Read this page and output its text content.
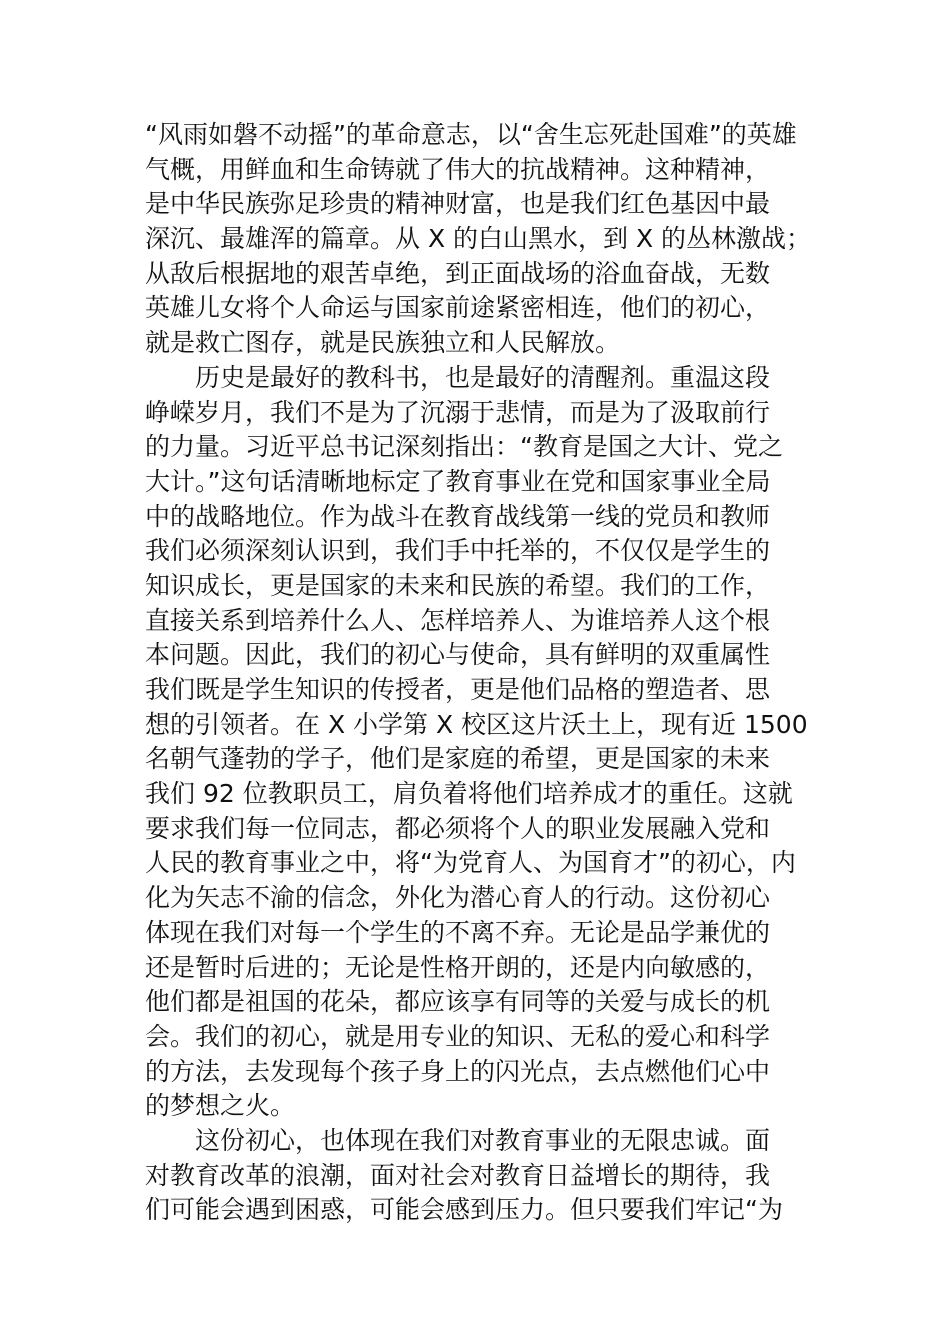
“风雨如磐不动摇”的革命意志，以“舍生忘死赴国难”的英雄
气概，用鲜血和生命铸就了伟大的抗战精神。这种精神，
是中华民族弥足珍贵的精神财富，也是我们红色基因中最
深沉、最雄浑的篇章。从 X 的白山黑水，到 X 的丛林激战；
从敌后根据地的艰苦卓绝，到正面战场的浴血奋战，无数
英雄儿女将个人命运与国家前途紧密相连，他们的初心，
就是救亡图存，就是民族独立和人民解放。
历史是最好的教科书，也是最好的清醒剂。重温这段
峥嵘岁月，我们不是为了沉溺于悲情，而是为了汲取前行
的力量。习近平总书记深刻指出：“教育是国之大计、党之
大计。”这句话清晰地标定了教育事业在党和国家事业全局
中的战略地位。作为战斗在教育战线第一线的党员和教师
我们必须深刻认识到，我们手中托举的，不仅仅是学生的
知识成长，更是国家的未来和民族的希望。我们的工作，
直接关系到培养什么人、怎样培养人、为谁培养人这个根
本问题。因此，我们的初心与使命，具有鲜明的双重属性
我们既是学生知识的传授者，更是他们品格的塑造者、思
想的引领者。在 X 小学第 X 校区这片沃土上，现有近 1500
名朝气蓬勃的学子，他们是家庭的希望，更是国家的未来
我们 92 位教职员工，肩负着将他们培养成才的重任。这就
要求我们每一位同志，都必须将个人的职业发展融入党和
人民的教育事业之中，将“为党育人、为国育才”的初心，内
化为矢志不渝的信念，外化为潜心育人的行动。这份初心
体现在我们对每一个学生的不离不弃。无论是品学兼优的
还是暂时后进的；无论是性格开朗的，还是内向敏感的，
他们都是祖国的花朵，都应该享有同等的关爱与成长的机
会。我们的初心，就是用专业的知识、无私的爱心和科学
的方法，去发现每个孩子身上的闪光点，去点燃他们心中
的梦想之火。
这份初心，也体现在我们对教育事业的无限忠诚。面
对教育改革的浪潮，面对社会对教育日益增长的期待，我
们可能会遇到困惑，可能会感到压力。但只要我们牢记“为
